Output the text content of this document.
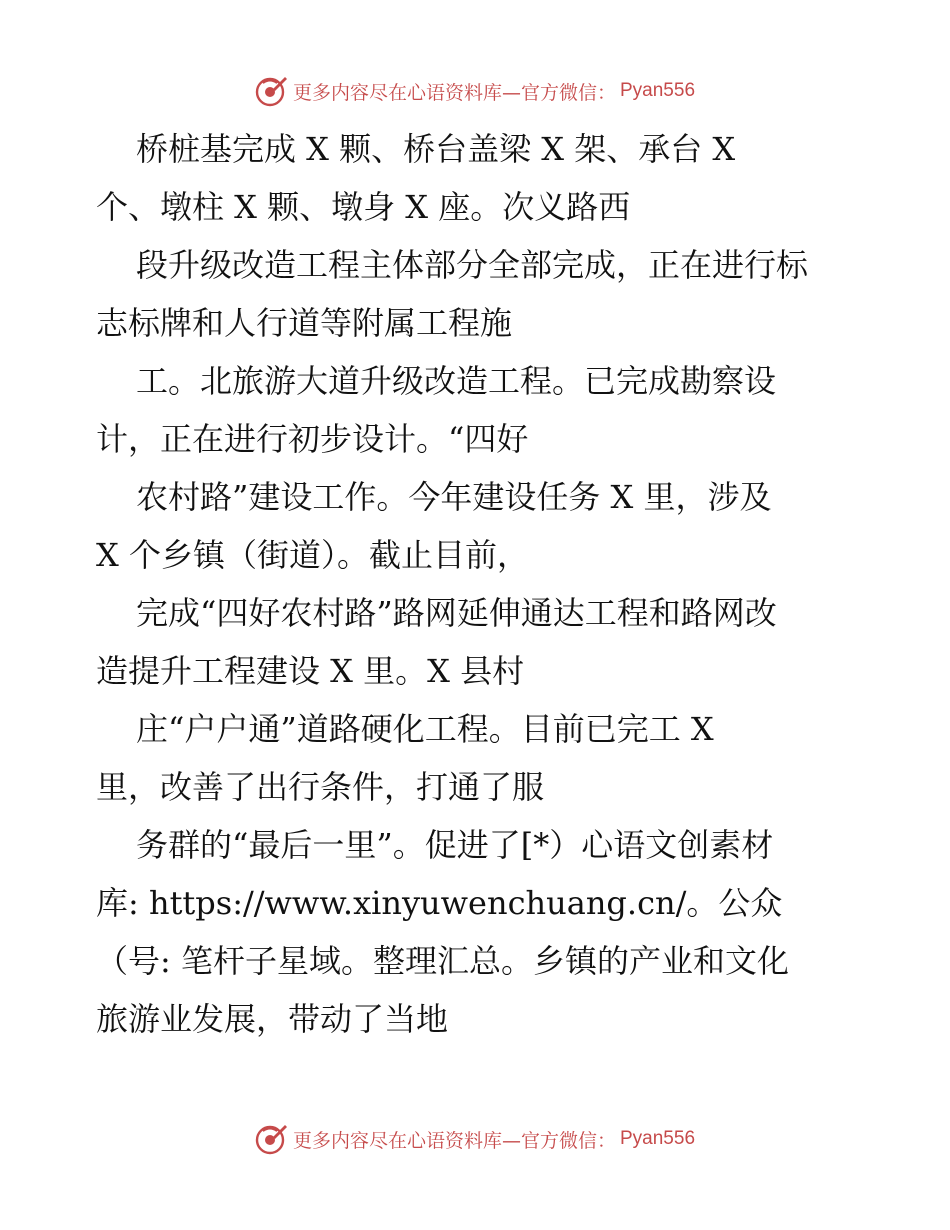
更多内容尽在心语资料库—官方微信： Pyan556
桥桩基完成 X 颗、桥台盖梁 X 架、承台 X
个、墩柱 X 颗、墩身 X 座。次义路西
段升级改造工程主体部分全部完成，正在进行标
志标牌和人行道等附属工程施
工。北旅游大道升级改造工程。已完成勘察设
计，正在进行初步设计。“四好
农村路”建设工作。今年建设任务 X 里，涉及
X 个乡镇（街道）。截止目前，
完成“四好农村路”路网延伸通达工程和路网改
造提升工程建设 X 里。X 县村
庄“户户通”道路硬化工程。目前已完工 X
里，改善了出行条件，打通了服
务群的“最后一里”。促进了[*）心语文创素材
库: https://www.xinyuwenchuang.cn/。公众
（号: 笔杆子星域。整理汇总。乡镇的产业和文化
旅游业发展，带动了当地
更多内容尽在心语资料库—官方微信： Pyan556
